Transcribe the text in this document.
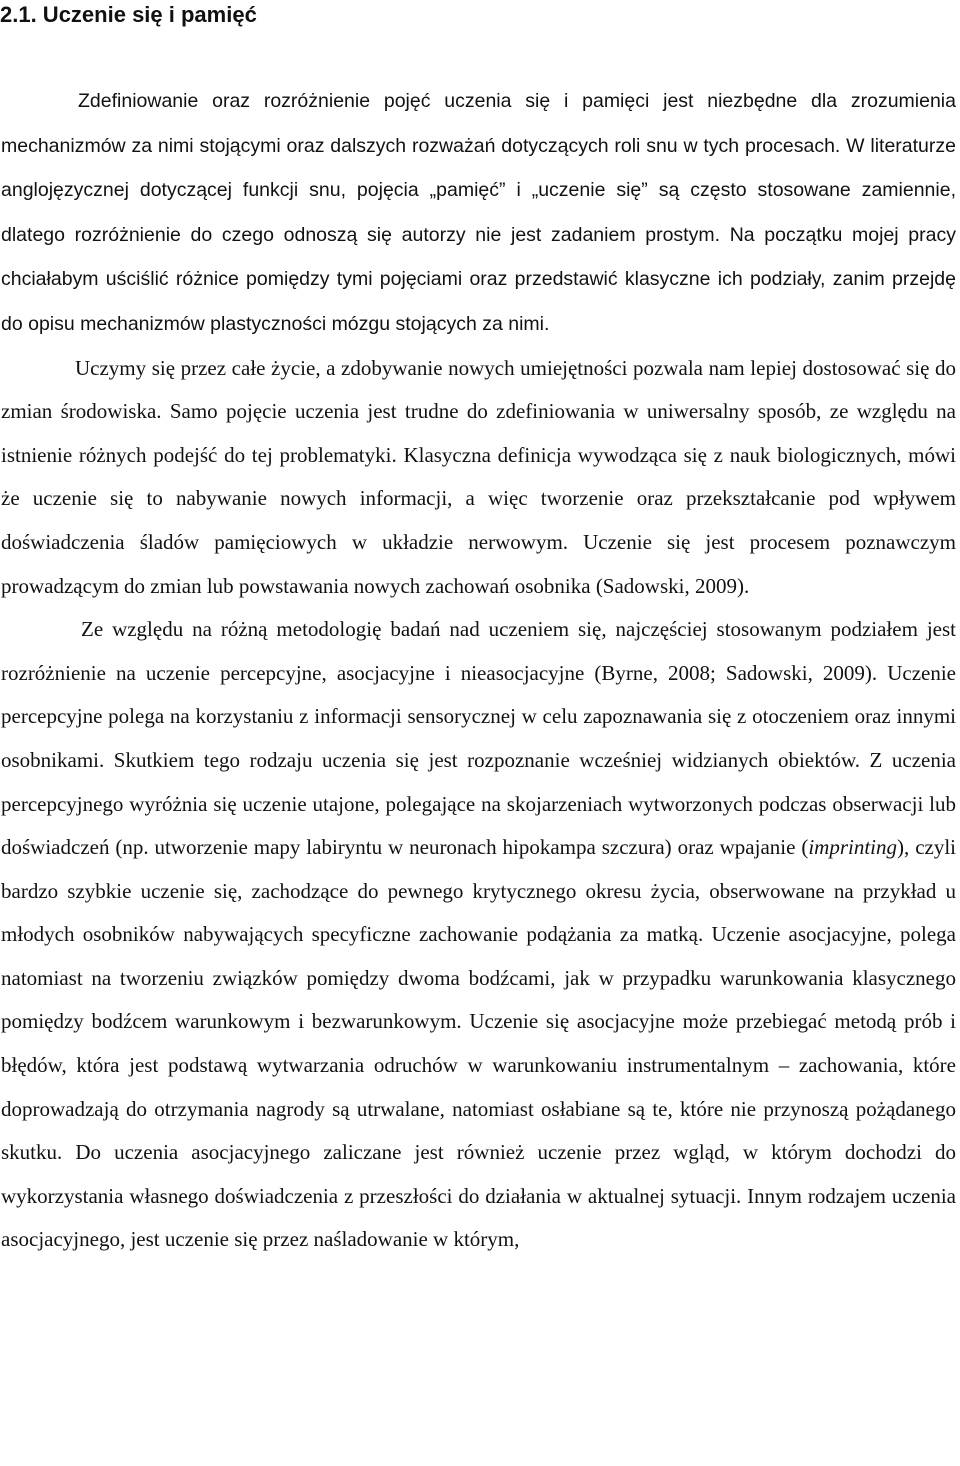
2.1. Uczenie się i pamięć

Zdefiniowanie oraz rozróżnienie pojęć uczenia się i pamięci jest niezbędne dla zrozumienia mechanizmów za nimi stojącymi oraz dalszych rozważań dotyczących roli snu w tych procesach. W literaturze anglojęzycznej dotyczącej funkcji snu, pojęcia „pamięć” i „uczenie się” są często stosowane zamiennie, dlatego rozróżnienie do czego odnoszą się autorzy nie jest zadaniem prostym. Na początku mojej pracy chciałabym uściślić różnice pomiędzy tymi pojęciami oraz przedstawić klasyczne ich podziały, zanim przejdę do opisu mechanizmów plastyczności mózgu stojących za nimi.

Uczymy się przez całe życie, a zdobywanie nowych umiejętności pozwala nam lepiej dostosować się do zmian środowiska. Samo pojęcie uczenia jest trudne do zdefiniowania w uniwersalny sposób, ze względu na istnienie różnych podejść do tej problematyki. Klasyczna definicja wywodząca się z nauk biologicznych, mówi że uczenie się to nabywanie nowych informacji, a więc tworzenie oraz przekształcanie pod wpływem doświadczenia śladów pamięciowych w układzie nerwowym. Uczenie się jest procesem poznawczym prowadzącym do zmian lub powstawania nowych zachowań osobnika (Sadowski, 2009).

Ze względu na różną metodologię badań nad uczeniem się, najczęściej stosowanym podziałem jest rozróżnienie na uczenie percepcyjne, asocjacyjne i nieasocjacyjne (Byrne, 2008; Sadowski, 2009). Uczenie percepcyjne polega na korzystaniu z informacji sensorycznej w celu zapoznawania się z otoczeniem oraz innymi osobnikami. Skutkiem tego rodzaju uczenia się jest rozpoznanie wcześniej widzianych obiektów. Z uczenia percepcyjnego wyróżnia się uczenie utajone, polegające na skojarzeniach wytworzonych podczas obserwacji lub doświadczeń (np. utworzenie mapy labiryntu w neuronach hipokampa szczura) oraz wpajanie (imprinting), czyli bardzo szybkie uczenie się, zachodzące do pewnego krytycznego okresu życia, obserwowane na przykład u młodych osobników nabywających specyficzne zachowanie podążania za matką. Uczenie asocjacyjne, polega natomiast na tworzeniu związków pomiędzy dwoma bodźcami, jak w przypadku warunkowania klasycznego pomiędzy bodźcem warunkowym i bezwarunkowym. Uczenie się asocjacyjne może przebiegać metodą prób i błędów, która jest podstawą wytwarzania odruchów w warunkowaniu instrumentalnym – zachowania, które doprowadzają do otrzymania nagrody są utrwalane, natomiast osłabiane są te, które nie przynoszą pożądanego skutku. Do uczenia asocjacyjnego zaliczane jest również uczenie przez wgląd, w którym dochodzi do wykorzystania własnego doświadczenia z przeszłości do działania w aktualnej sytuacji. Innym rodzajem uczenia asocjacyjnego, jest uczenie się przez naśladowanie w którym,
